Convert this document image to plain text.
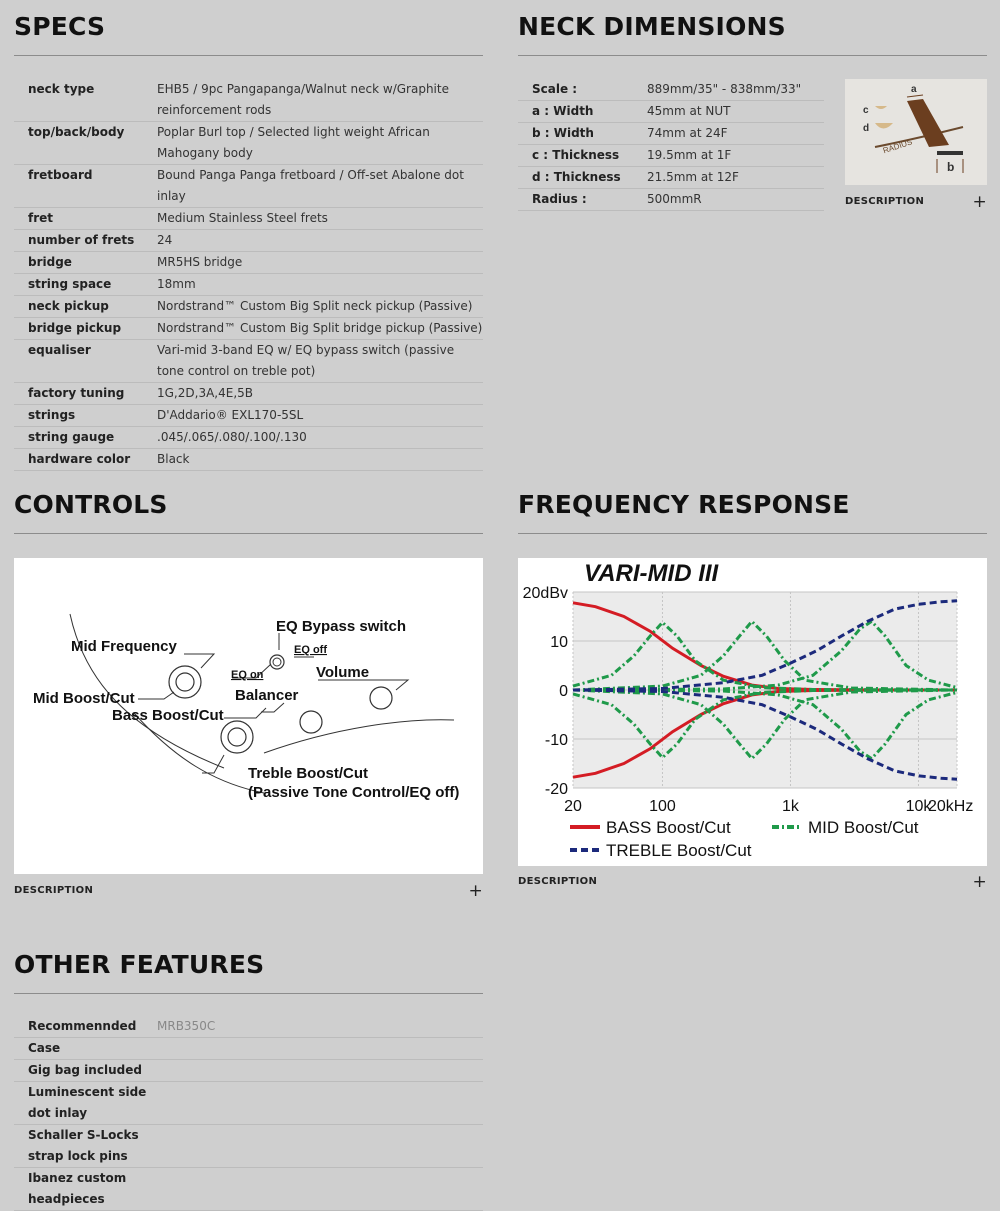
SPECS
neck type	EHB5 / 9pc Pangapanga/Walnut neck w/Graphite reinforcement rods
top/back/body	Poplar Burl top / Selected light weight African Mahogany body
fretboard	Bound Panga Panga fretboard / Off-set Abalone dot inlay
fret	Medium Stainless Steel frets
number of frets	24
bridge	MR5HS bridge
string space	18mm
neck pickup	Nordstrand™ Custom Big Split neck pickup (Passive)
bridge pickup	Nordstrand™ Custom Big Split bridge pickup (Passive)
equaliser	Vari-mid 3-band EQ w/ EQ bypass switch (passive tone control on treble pot)
factory tuning	1G,2D,3A,4E,5B
strings	D'Addario® EXL170-5SL
string gauge	.045/.065/.080/.100/.130
hardware color	Black
NECK DIMENSIONS
Scale :	889mm/35" - 838mm/33"
a : Width	45mm at NUT
b : Width	74mm at 24F
c : Thickness	19.5mm at 1F
d : Thickness	21.5mm at 12F
Radius :	500mmR
RADIUS
a
b
c
d
DESCRIPTION	+
CONTROLS
Mid Frequency
EQ Bypass switch
EQ off
EQ on	Volume
Mid Boost/Cut	Balancer
Bass Boost/Cut
Treble Boost/Cut
(Passive Tone Control/EQ off)
DESCRIPTION	+
FREQUENCY RESPONSE
VARI-MID III
20dBv
10
0
-10
-20
20	100	1k	10k
20kHz
BASS Boost/Cut	MID Boost/Cut
TREBLE Boost/Cut
DESCRIPTION	+
OTHER FEATURES
Recommennded	MRB350C
Case
Gig bag included
Luminescent side dot inlay
Schaller S-Locks strap lock pins
Ibanez custom headpieces
